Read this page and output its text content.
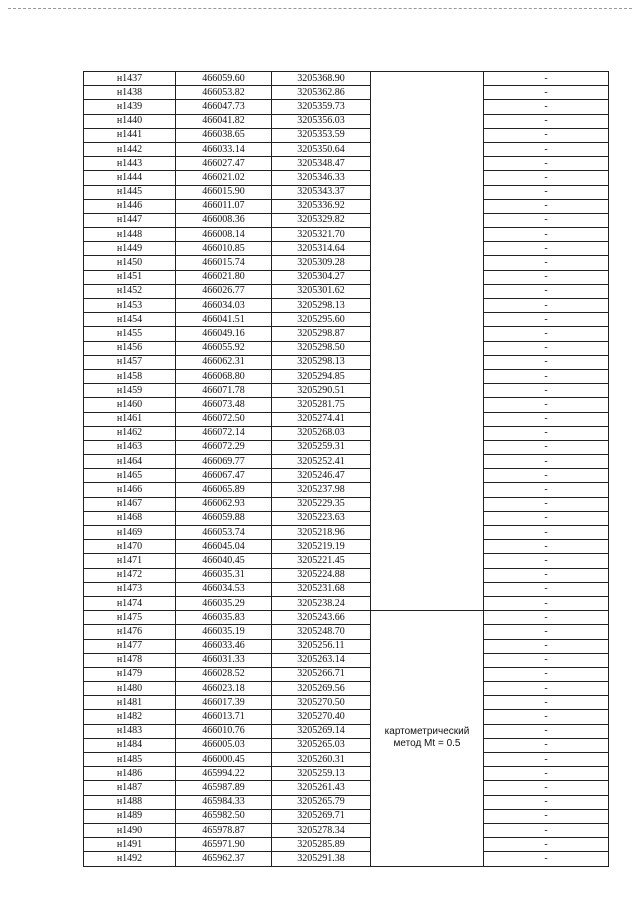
н1437	466059.60	3205368.90		-
н1438	466053.82	3205362.86		-
н1439	466047.73	3205359.73		-
н1440	466041.82	3205356.03		-
н1441	466038.65	3205353.59		-
н1442	466033.14	3205350.64		-
н1443	466027.47	3205348.47		-
н1444	466021.02	3205346.33		-
н1445	466015.90	3205343.37		-
н1446	466011.07	3205336.92		-
н1447	466008.36	3205329.82		-
н1448	466008.14	3205321.70		-
н1449	466010.85	3205314.64		-
н1450	466015.74	3205309.28		-
н1451	466021.80	3205304.27		-
н1452	466026.77	3205301.62		-
н1453	466034.03	3205298.13		-
н1454	466041.51	3205295.60		-
н1455	466049.16	3205298.87		-
н1456	466055.92	3205298.50		-
н1457	466062.31	3205298.13		-
н1458	466068.80	3205294.85		-
н1459	466071.78	3205290.51		-
н1460	466073.48	3205281.75		-
н1461	466072.50	3205274.41		-
н1462	466072.14	3205268.03		-
н1463	466072.29	3205259.31		-
н1464	466069.77	3205252.41		-
н1465	466067.47	3205246.47		-
н1466	466065.89	3205237.98		-
н1467	466062.93	3205229.35		-
н1468	466059.88	3205223.63		-
н1469	466053.74	3205218.96		-
н1470	466045.04	3205219.19		-
н1471	466040.45	3205221.45		-
н1472	466035.31	3205224.88		-
н1473	466034.53	3205231.68		-
н1474	466035.29	3205238.24		-
н1475	466035.83	3205243.66	картометрический
метод Mt = 0.5	-
н1476	466035.19	3205248.70		-
н1477	466033.46	3205256.11		-
н1478	466031.33	3205263.14		-
н1479	466028.52	3205266.71		-
н1480	466023.18	3205269.56		-
н1481	466017.39	3205270.50		-
н1482	466013.71	3205270.40		-
н1483	466010.76	3205269.14		-
н1484	466005.03	3205265.03		-
н1485	466000.45	3205260.31		-
н1486	465994.22	3205259.13		-
н1487	465987.89	3205261.43		-
н1488	465984.33	3205265.79		-
н1489	465982.50	3205269.71		-
н1490	465978.87	3205278.34		-
н1491	465971.90	3205285.89		-
н1492	465962.37	3205291.38		-
